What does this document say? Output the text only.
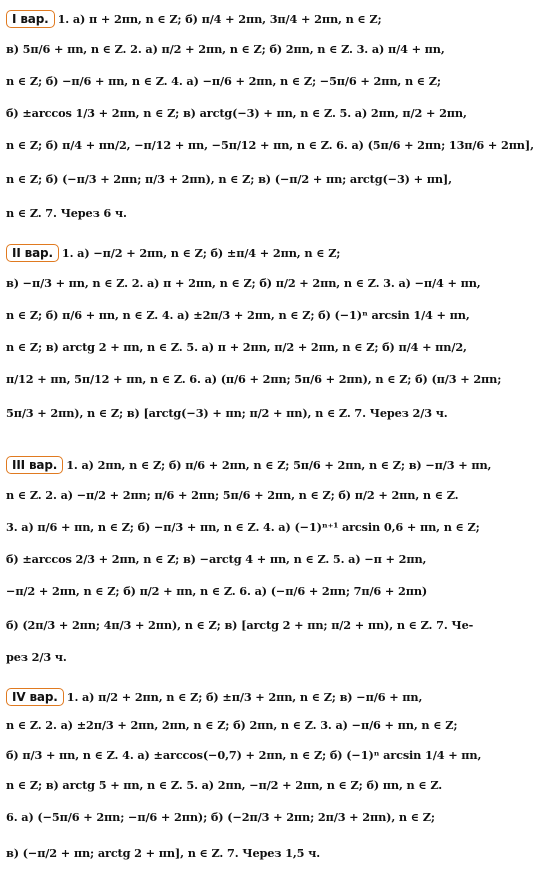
I вар. 1. а) π + 2πn, n ∈ Z; б) π/4 + 2πn, 3π/4 + 2πn, n ∈ Z;
в) 5π/6 + πn, n ∈ Z. 2. а) π/2 + 2πn, n ∈ Z; б) 2πn, n ∈ Z. 3. а) π/4 + πn,
n ∈ Z; б) −π/6 + πn, n ∈ Z. 4. а) −π/6 + 2πn, n ∈ Z; −5π/6 + 2πn, n ∈ Z;
б) ±arccos 1/3 + 2πn, n ∈ Z; в) arctg(−3) + πn, n ∈ Z. 5. а) 2πn, π/2 + 2πn,
n ∈ Z; б) π/4 + πn/2, −π/12 + πn, −5π/12 + πn, n ∈ Z. 6. а) (5π/6 + 2πn; 13π/6 + 2πn],
n ∈ Z; б) (−π/3 + 2πn; π/3 + 2πn), n ∈ Z; в) (−π/2 + πn; arctg(−3) + πn],
n ∈ Z. 7. Через 6 ч.
II вар. 1. а) −π/2 + 2πn, n ∈ Z; б) ±π/4 + 2πn, n ∈ Z;
в) −π/3 + πn, n ∈ Z. 2. а) π + 2πn, n ∈ Z; б) π/2 + 2πn, n ∈ Z. 3. а) −π/4 + πn,
n ∈ Z; б) π/6 + πn, n ∈ Z. 4. а) ±2π/3 + 2πn, n ∈ Z; б) (−1)ⁿ arcsin 1/4 + πn,
n ∈ Z; в) arctg 2 + πn, n ∈ Z. 5. а) π + 2πn, π/2 + 2πn, n ∈ Z; б) π/4 + πn/2,
π/12 + πn, 5π/12 + πn, n ∈ Z. 6. а) (π/6 + 2πn; 5π/6 + 2πn), n ∈ Z; б) (π/3 + 2πn;
5π/3 + 2πn), n ∈ Z; в) [arctg(−3) + πn; π/2 + πn), n ∈ Z. 7. Через 2/3 ч.
III вар. 1. а) 2πn, n ∈ Z; б) π/6 + 2πn, n ∈ Z; 5π/6 + 2πn, n ∈ Z; в) −π/3 + πn,
n ∈ Z. 2. а) −π/2 + 2πn; π/6 + 2πn; 5π/6 + 2πn, n ∈ Z; б) π/2 + 2πn, n ∈ Z.
3. а) π/6 + πn, n ∈ Z; б) −π/3 + πn, n ∈ Z. 4. а) (−1)ⁿ⁺¹ arcsin 0,6 + πn, n ∈ Z;
б) ±arccos 2/3 + 2πn, n ∈ Z; в) −arctg 4 + πn, n ∈ Z. 5. а) −π + 2πn,
−π/2 + 2πn, n ∈ Z; б) π/2 + πn, n ∈ Z. 6. а) (−π/6 + 2πn; 7π/6 + 2πn)
б) (2π/3 + 2πn; 4π/3 + 2πn), n ∈ Z; в) [arctg 2 + πn; π/2 + πn), n ∈ Z. 7. Че-
рез 2/3 ч.
IV вар. 1. а) π/2 + 2πn, n ∈ Z; б) ±π/3 + 2πn, n ∈ Z; в) −π/6 + πn,
n ∈ Z. 2. а) ±2π/3 + 2πn, 2πn, n ∈ Z; б) 2πn, n ∈ Z. 3. а) −π/6 + πn, n ∈ Z;
б) π/3 + πn, n ∈ Z. 4. а) ±arccos(−0,7) + 2πn, n ∈ Z; б) (−1)ⁿ arcsin 1/4 + πn,
n ∈ Z; в) arctg 5 + πn, n ∈ Z. 5. а) 2πn, −π/2 + 2πn, n ∈ Z; б) πn, n ∈ Z.
6. а) (−5π/6 + 2πn; −π/6 + 2πn); б) (−2π/3 + 2πn; 2π/3 + 2πn), n ∈ Z;
в) (−π/2 + πn; arctg 2 + πn], n ∈ Z. 7. Через 1,5 ч.
